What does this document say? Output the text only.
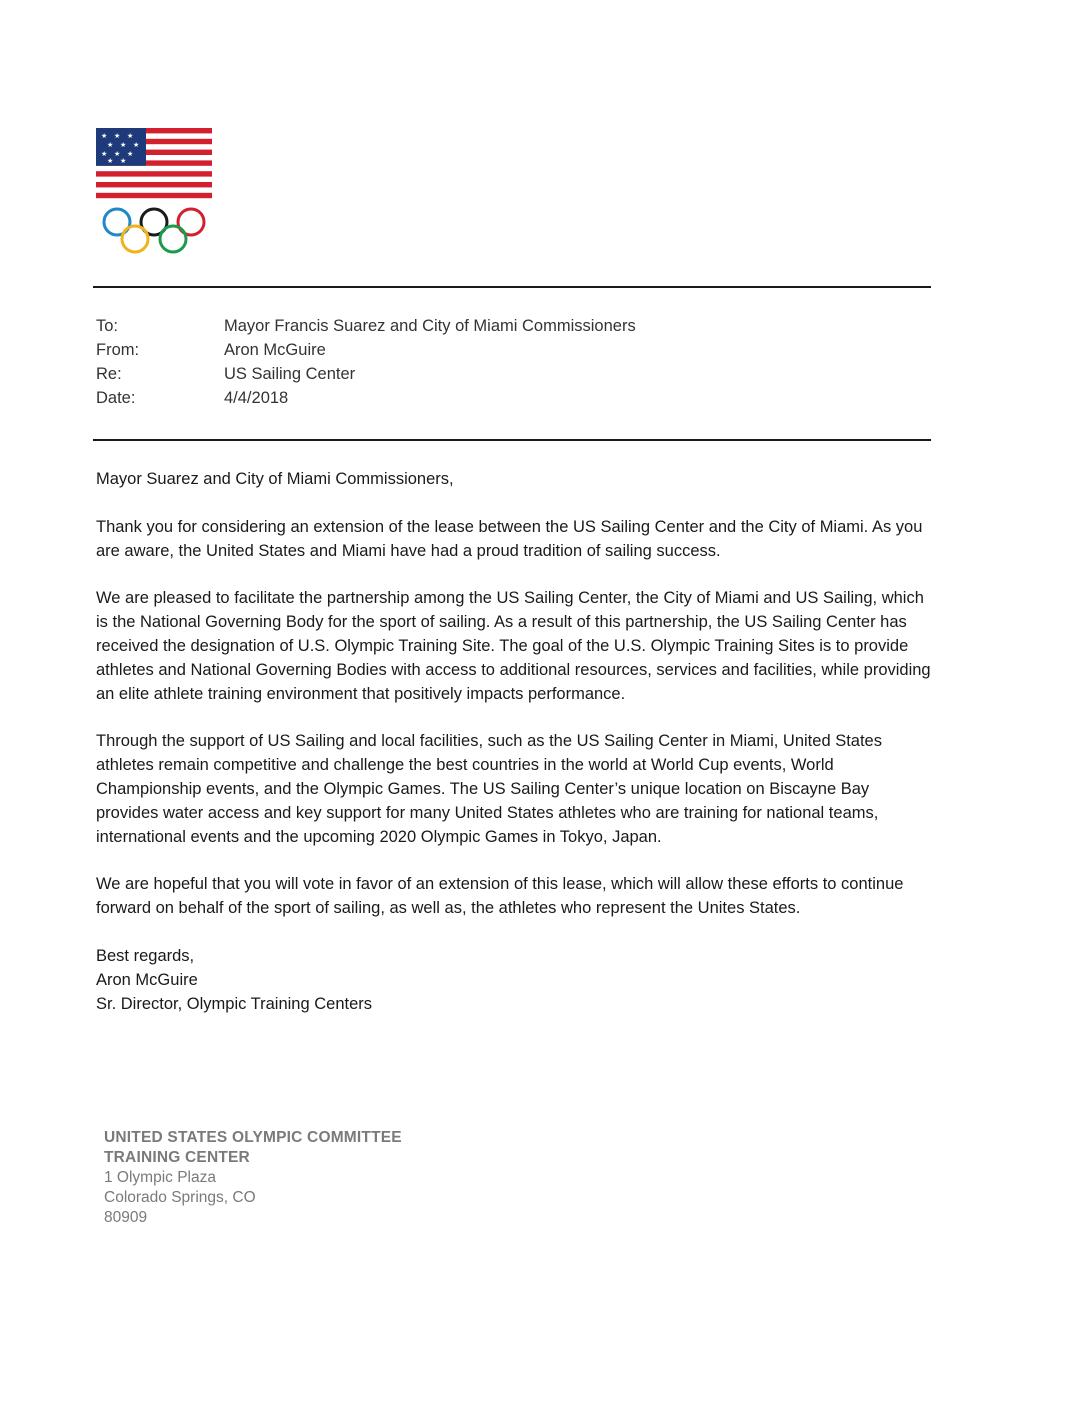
★ ★ ★
★ ★ ★
★ ★ ★
★ ★
To:	Mayor Francis Suarez and City of Miami Commissioners
From:	Aron McGuire
Re:	US Sailing Center
Date:	4/4/2018

Mayor Suarez and City of Miami Commissioners,

Thank you for considering an extension of the lease between the US Sailing Center and the City of Miami. As you are aware, the United States and Miami have had a proud tradition of sailing success.

We are pleased to facilitate the partnership among the US Sailing Center, the City of Miami and US Sailing, which is the National Governing Body for the sport of sailing. As a result of this partnership, the US Sailing Center has received the designation of U.S. Olympic Training Site. The goal of the U.S. Olympic Training Sites is to provide athletes and National Governing Bodies with access to additional resources, services and facilities, while providing an elite athlete training environment that positively impacts performance.

Through the support of US Sailing and local facilities, such as the US Sailing Center in Miami, United States athletes remain competitive and challenge the best countries in the world at World Cup events, World Championship events, and the Olympic Games. The US Sailing Center’s unique location on Biscayne Bay provides water access and key support for many United States athletes who are training for national teams, international events and the upcoming 2020 Olympic Games in Tokyo, Japan.

We are hopeful that you will vote in favor of an extension of this lease, which will allow these efforts to continue forward on behalf of the sport of sailing, as well as, the athletes who represent the Unites States.

Best regards,
Aron McGuire
Sr. Director, Olympic Training Centers
UNITED STATES OLYMPIC COMMITTEE
TRAINING CENTER
1 Olympic Plaza
Colorado Springs, CO
80909
